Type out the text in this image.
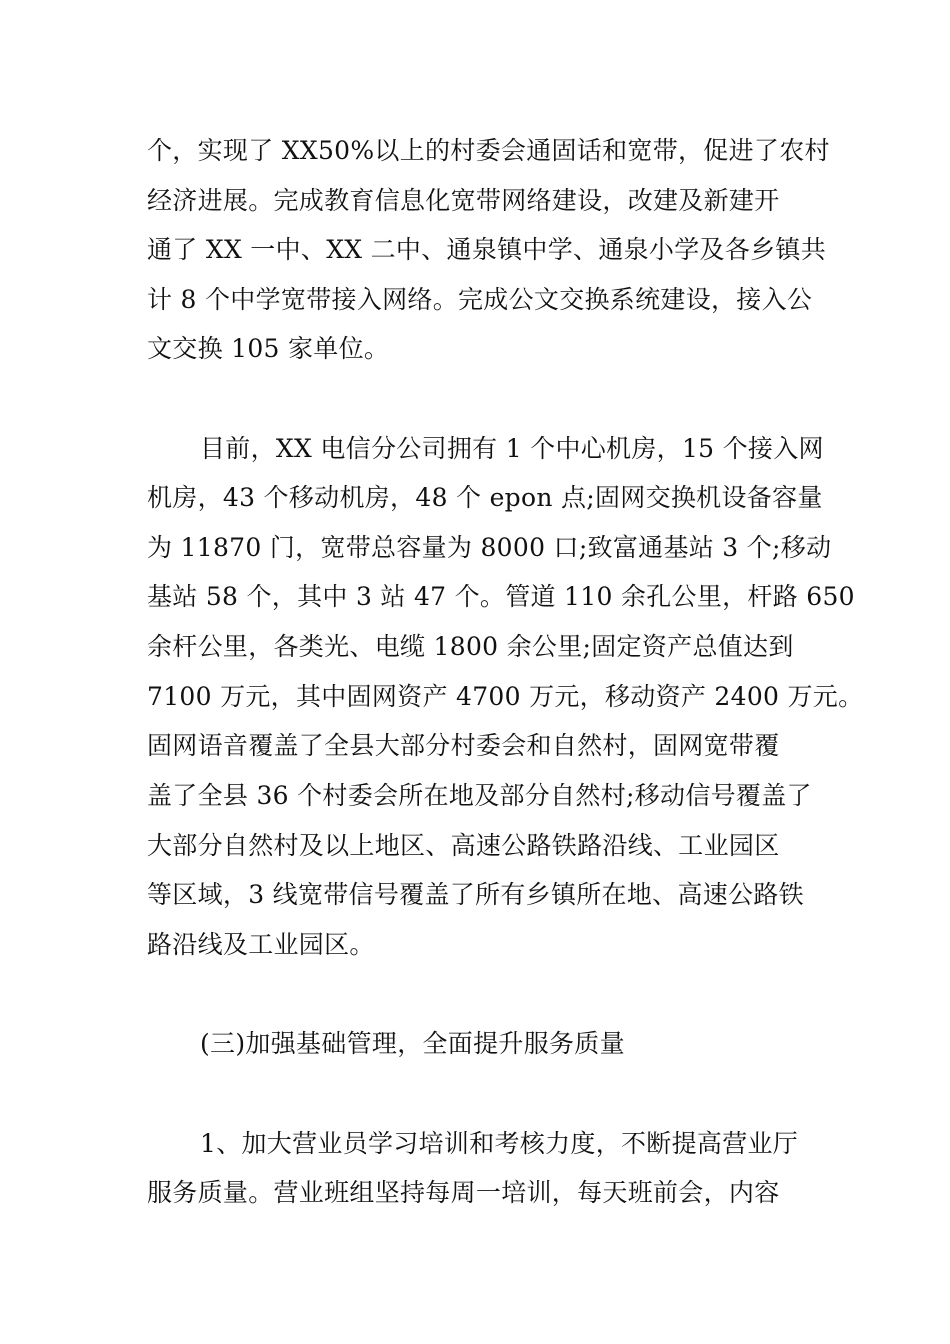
个，实现了 XX50%以上的村委会通固话和宽带，促进了农村
经济进展。完成教育信息化宽带网络建设，改建及新建开
通了 XX 一中、XX 二中、通泉镇中学、通泉小学及各乡镇共
计 8 个中学宽带接入网络。完成公文交换系统建设，接入公
文交换 105 家单位。
目前，XX 电信分公司拥有 1 个中心机房，15 个接入网
机房，43 个移动机房，48 个 epon 点;固网交换机设备容量
为 11870 门，宽带总容量为 8000 口;致富通基站 3 个;移动
基站 58 个，其中 3 站 47 个。管道 110 余孔公里，杆路 650
余杆公里，各类光、电缆 1800 余公里;固定资产总值达到
7100 万元，其中固网资产 4700 万元，移动资产 2400 万元。
固网语音覆盖了全县大部分村委会和自然村，固网宽带覆
盖了全县 36 个村委会所在地及部分自然村;移动信号覆盖了
大部分自然村及以上地区、高速公路铁路沿线、工业园区
等区域，3 线宽带信号覆盖了所有乡镇所在地、高速公路铁
路沿线及工业园区。
(三)加强基础管理，全面提升服务质量
1、加大营业员学习培训和考核力度，不断提高营业厅
服务质量。营业班组坚持每周一培训，每天班前会，内容
